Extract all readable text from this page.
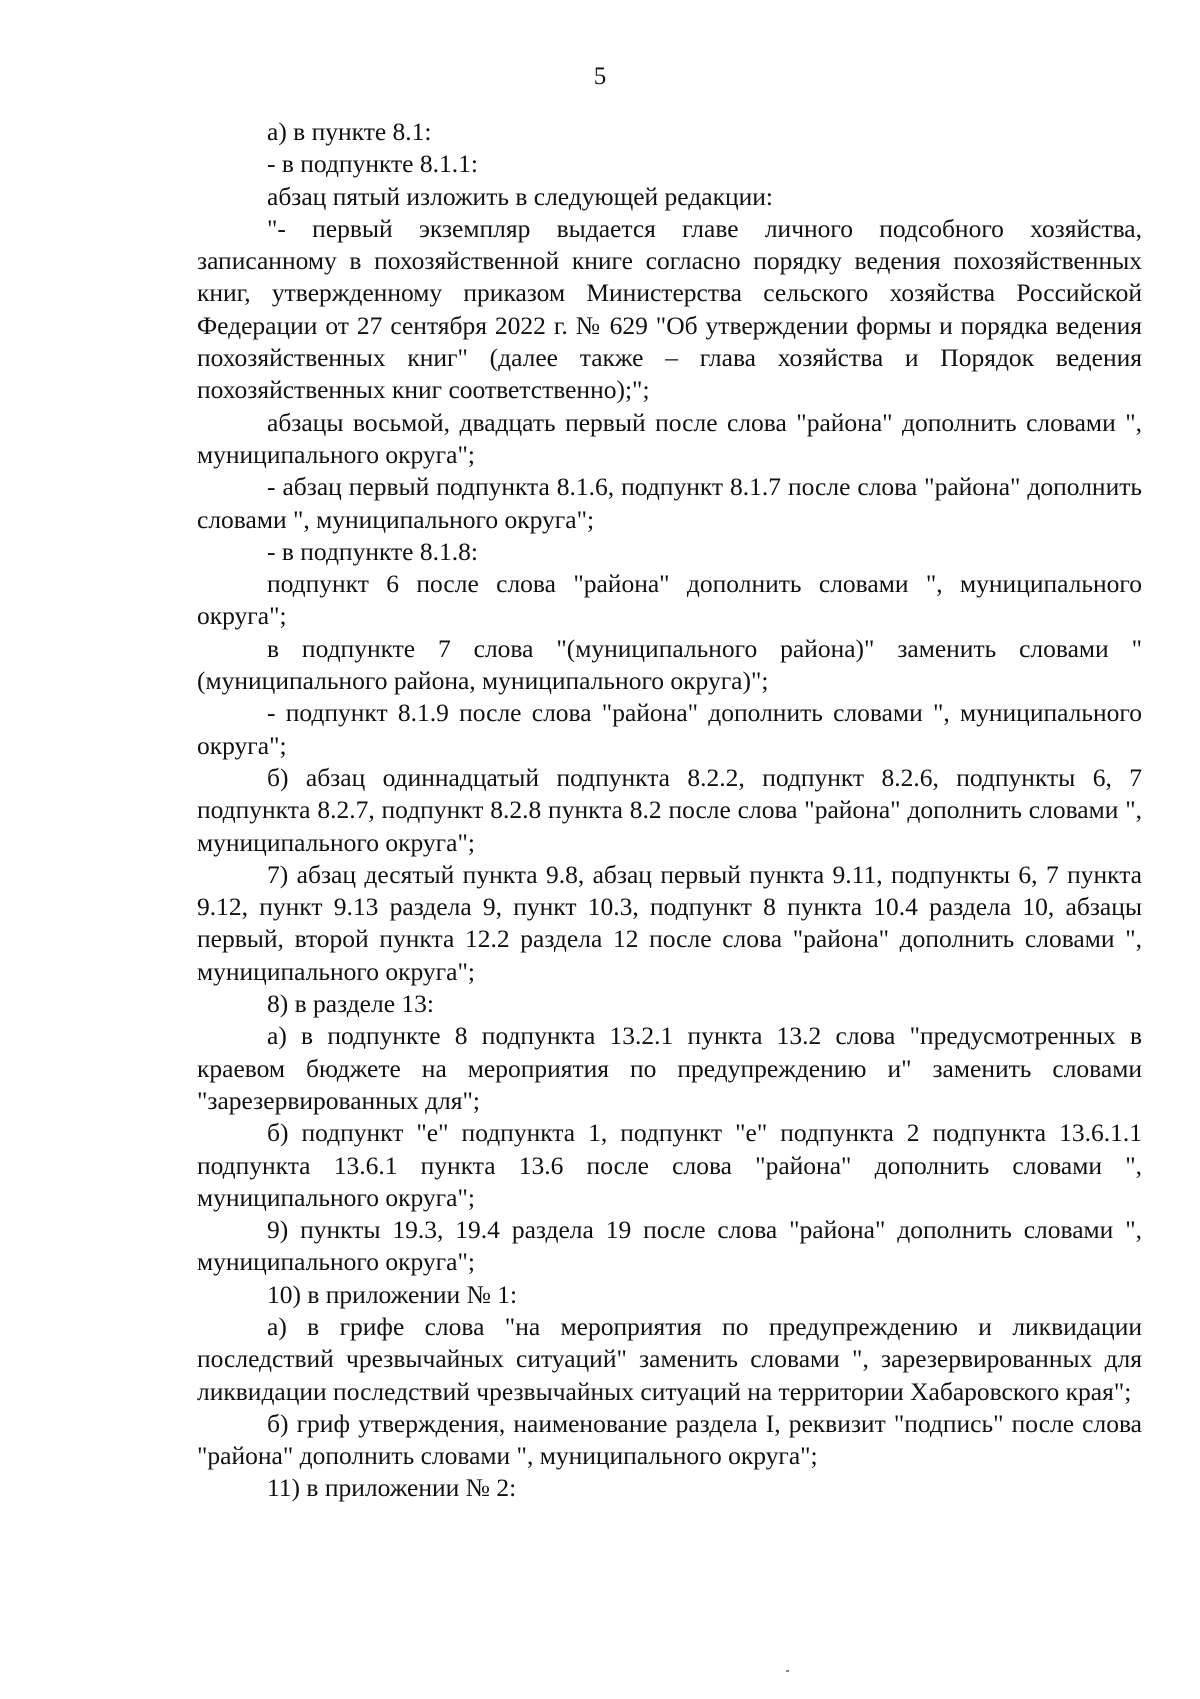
5

а) в пункте 8.1:

- в подпункте 8.1.1:

абзац пятый изложить в следующей редакции:

"- первый экземпляр выдается главе личного подсобного хозяйства, записанному в похозяйственной книге согласно порядку ведения похозяйственных книг, утвержденному приказом Министерства сельского хозяйства Российской Федерации от 27 сентября 2022 г. № 629 "Об утверждении формы и порядка ведения похозяйственных книг" (далее также – глава хозяйства и Порядок ведения похозяйственных книг соответственно);";

абзацы восьмой, двадцать первый после слова "района" дополнить словами ", муниципального округа";

- абзац первый подпункта 8.1.6, подпункт 8.1.7 после слова "района" дополнить словами ", муниципального округа";

- в подпункте 8.1.8:

подпункт 6 после слова "района" дополнить словами ", муниципального округа";

в подпункте 7 слова "(муниципального района)" заменить словами "(муниципального района, муниципального округа)";

- подпункт 8.1.9 после слова "района" дополнить словами ", муниципального округа";

б) абзац одиннадцатый подпункта 8.2.2, подпункт 8.2.6, подпункты 6, 7 подпункта 8.2.7, подпункт 8.2.8 пункта 8.2 после слова "района" дополнить словами ", муниципального округа";

7) абзац десятый пункта 9.8, абзац первый пункта 9.11, подпункты 6, 7 пункта 9.12, пункт 9.13 раздела 9, пункт 10.3, подпункт 8 пункта 10.4 раздела 10, абзацы первый, второй пункта 12.2 раздела 12 после слова "района" дополнить словами ", муниципального округа";

8) в разделе 13:

а) в подпункте 8 подпункта 13.2.1 пункта 13.2 слова "предусмотренных в краевом бюджете на мероприятия по предупреждению и" заменить словами "зарезервированных для";

б) подпункт "е" подпункта 1, подпункт "е" подпункта 2 подпункта 13.6.1.1 подпункта 13.6.1 пункта 13.6 после слова "района" дополнить словами ", муниципального округа";

9) пункты 19.3, 19.4 раздела 19 после слова "района" дополнить словами ", муниципального округа";

10) в приложении № 1:

а) в грифе слова "на мероприятия по предупреждению и ликвидации последствий чрезвычайных ситуаций" заменить словами ", зарезервированных для ликвидации последствий чрезвычайных ситуаций на территории Хабаровского края";

б) гриф утверждения, наименование раздела I, реквизит "подпись" после слова "района" дополнить словами ", муниципального округа";

11) в приложении № 2:
